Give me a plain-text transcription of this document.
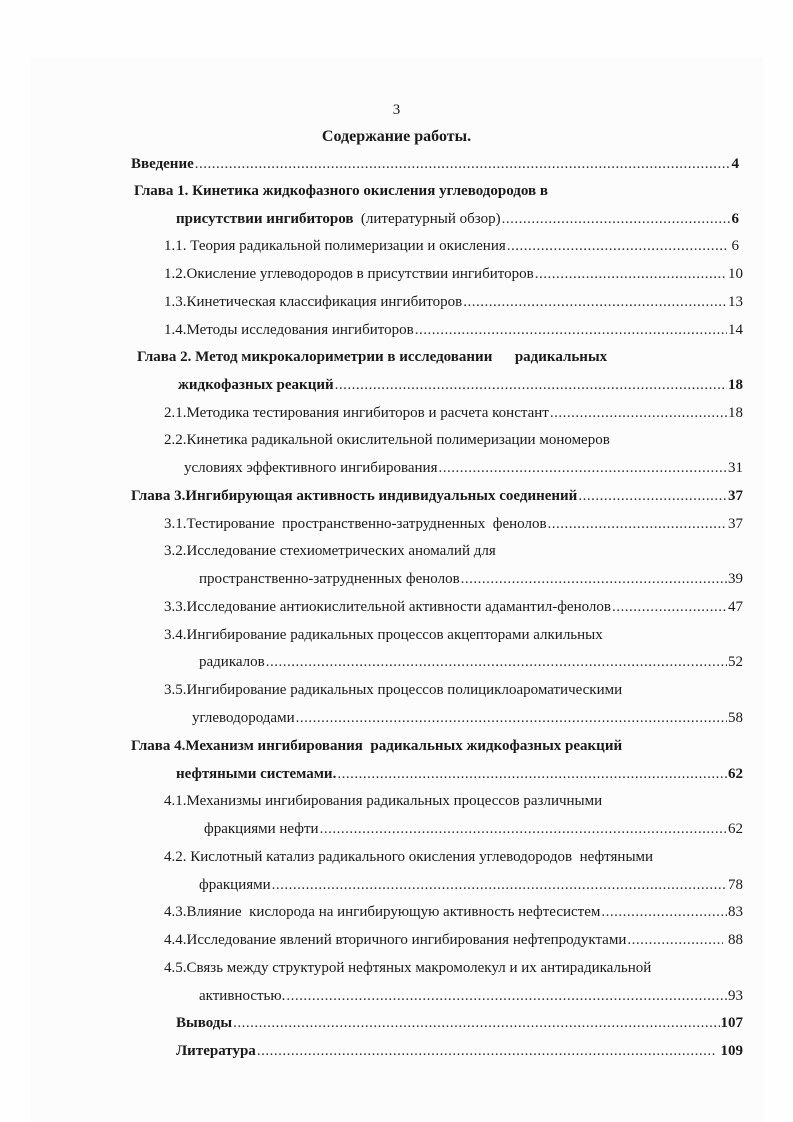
3
Содержание работы.
Введение .....	4
Глава 1. Кинетика жидкофазного окисления углеводородов в
присутствии ингибиторов (литературный обзор) .....	6
1.1. Теория радикальной полимеризации и окисления .....	6
1.2.Окисление углеводородов в присутствии ингибиторов .....	10
1.3.Кинетическая классификация ингибиторов .....	13
1.4.Методы исследования ингибиторов .....	14
Глава 2. Метод микрокалориметрии в исследовании      радикальных
жидкофазных реакций .....	18
2.1.Методика тестирования ингибиторов и расчета констант .....	18
2.2.Кинетика радикальной окислительной полимеризации мономеров
условиях эффективного ингибирования .....	31
Глава 3.Ингибирующая активность индивидуальных соединений .....	37
3.1.Тестирование  пространственно-затрудненных  фенолов .....	37
3.2.Исследование стехиометрических аномалий для
пространственно-затрудненных фенолов .....	39
3.3.Исследование антиокислительной активности адамантил-фенолов .....	47
3.4.Ингибирование радикальных процессов акцепторами алкильных
радикалов .....	52
3.5.Ингибирование радикальных процессов полициклоароматическими
углеводородами .....	58
Глава 4.Механизм ингибирования  радикальных жидкофазных реакций
нефтяными системами. .....	62
4.1.Механизмы ингибирования радикальных процессов различными
фракциями нефти .....	62
4.2. Кислотный катализ радикального окисления углеводородов  нефтяными
фракциями .....	78
4.3.Влияние  кислорода на ингибирующую активность нефтесистем .....	83
4.4.Исследование явлений вторичного ингибирования нефтепродуктами .....	88
4.5.Связь между структурой нефтяных макромолекул и их антирадикальной
активностью. .....	93
Выводы .....	107
Литература .....	109
